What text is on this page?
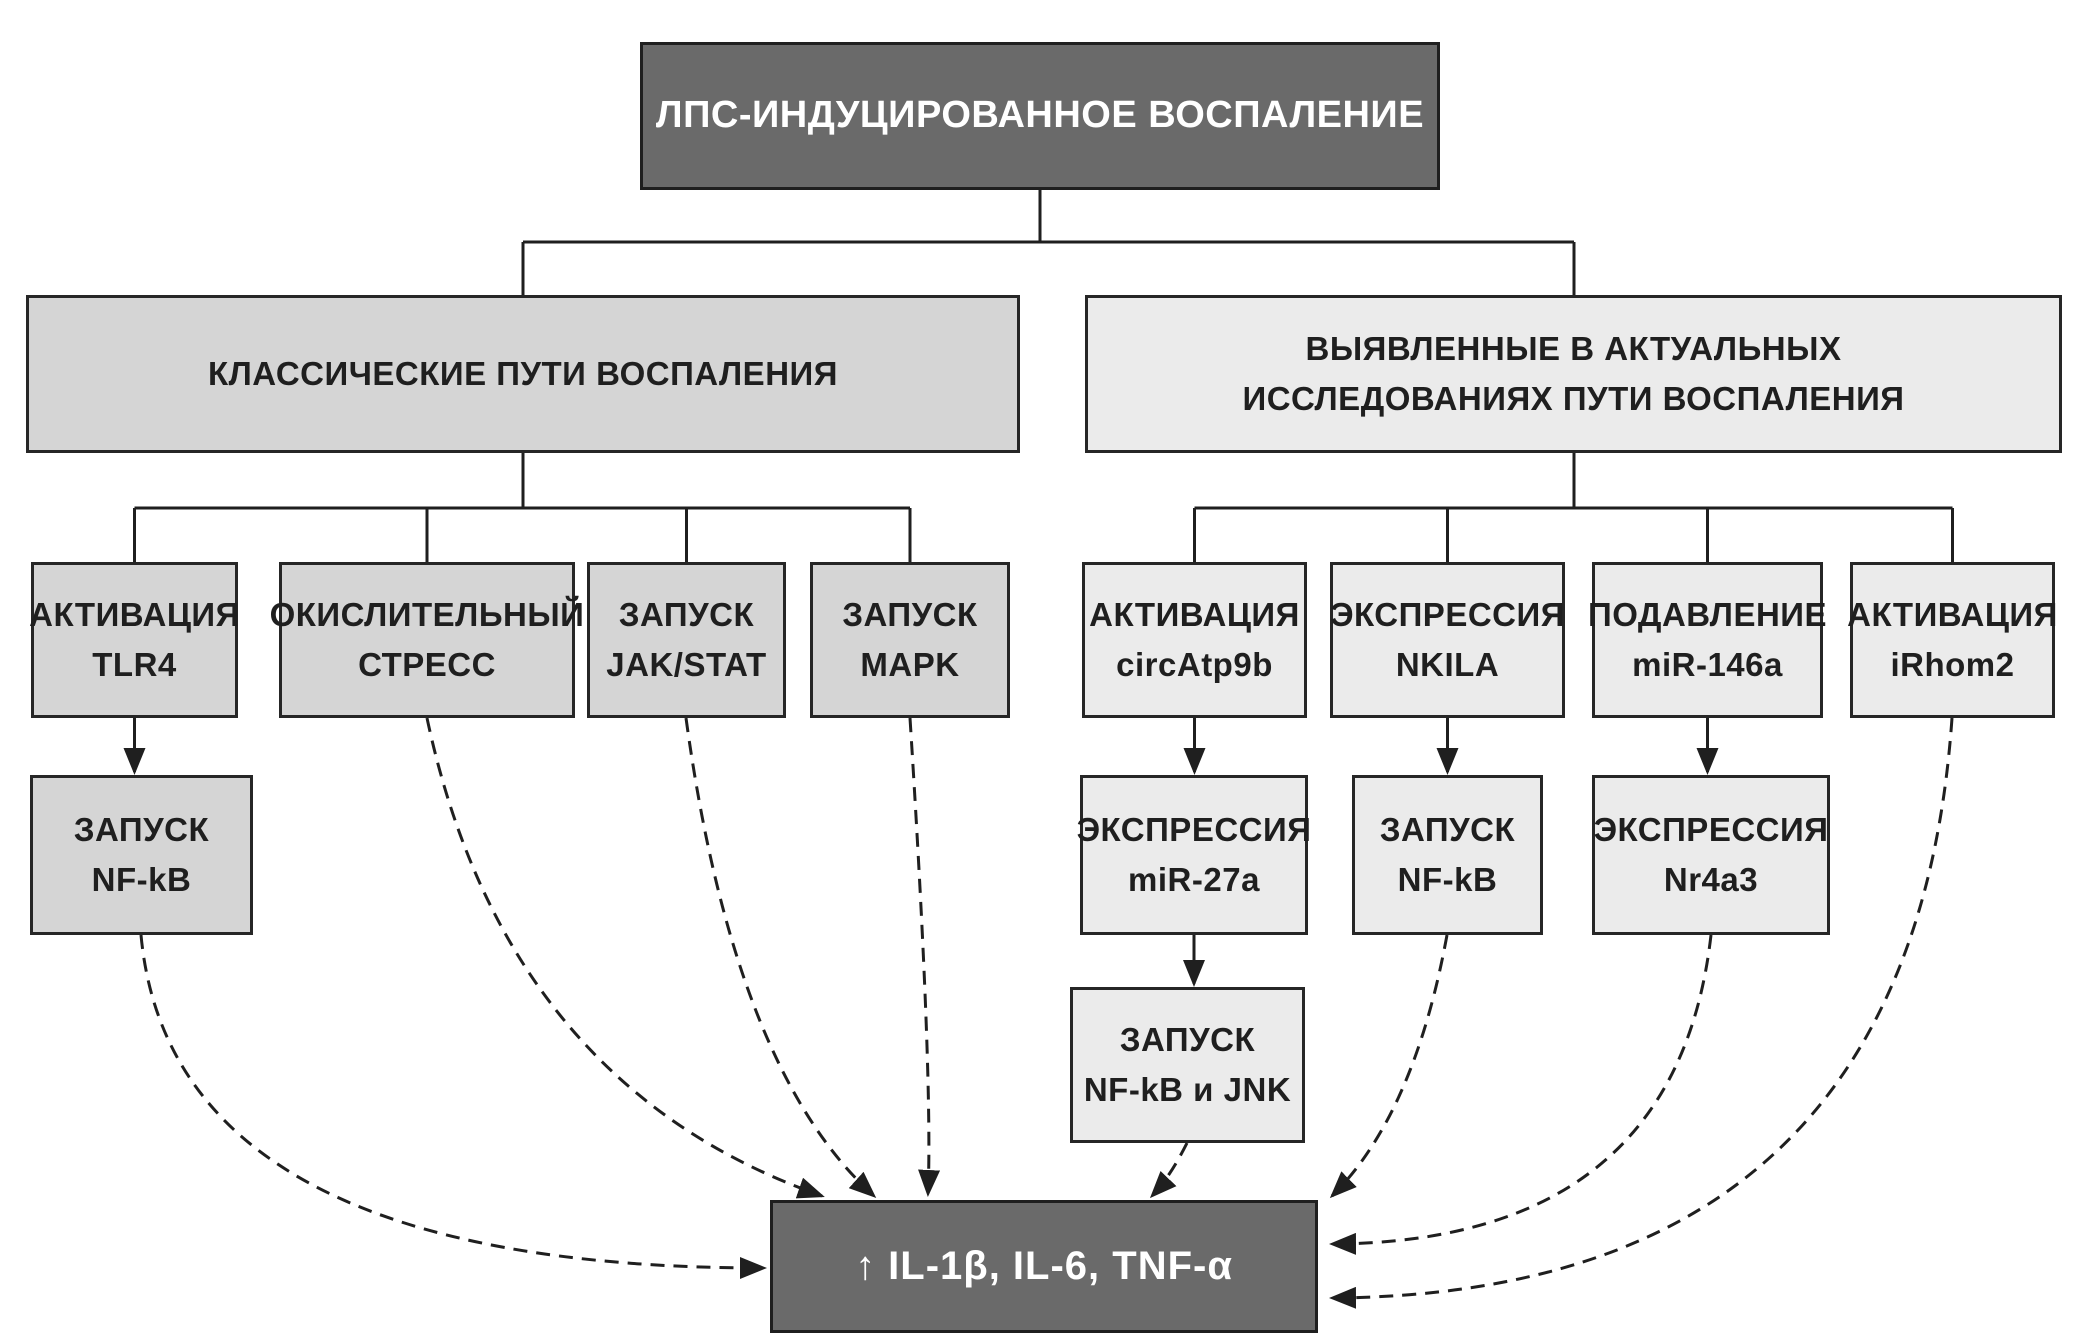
ЛПС-ИНДУЦИРОВАННОЕ ВОСПАЛЕНИЕ
КЛАССИЧЕСКИЕ ПУТИ ВОСПАЛЕНИЯ
ВЫЯВЛЕННЫЕ В АКТУАЛЬНЫХ
ИССЛЕДОВАНИЯХ ПУТИ ВОСПАЛЕНИЯ
АКТИВАЦИЯ
TLR4
ОКИСЛИТЕЛЬНЫЙ
СТРЕСС
ЗАПУСК
JAK/STAT
ЗАПУСК
MAPK
АКТИВАЦИЯ
circAtp9b
ЭКСПРЕССИЯ
NKILA
ПОДАВЛЕНИЕ
miR-146a
АКТИВАЦИЯ
iRhom2
ЗАПУСК
NF-kB
ЭКСПРЕССИЯ
miR-27a
ЗАПУСК
NF-kB
ЭКСПРЕССИЯ
Nr4a3
ЗАПУСК
NF-kB и JNK
↑ IL-1β, IL-6, TNF-α
